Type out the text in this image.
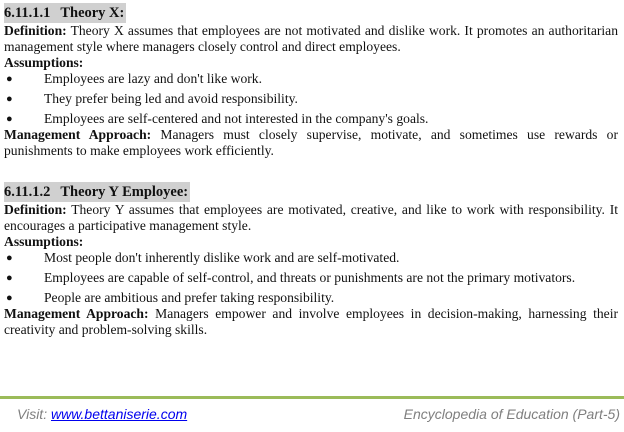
6.11.1.1 Theory X:

Definition: Theory X assumes that employees are not motivated and dislike work. It promotes an authoritarian management style where managers closely control and direct employees.

Assumptions:

● Employees are lazy and don't like work.
● They prefer being led and avoid responsibility.
● Employees are self-centered and not interested in the company's goals.

Management Approach: Managers must closely supervise, motivate, and sometimes use rewards or punishments to make employees work efficiently.

6.11.1.2 Theory Y Employee:

Definition: Theory Y assumes that employees are motivated, creative, and like to work with responsibility. It encourages a participative management style.

Assumptions:

● Most people don't inherently dislike work and are self-motivated.
● Employees are capable of self-control, and threats or punishments are not the primary motivators.
● People are ambitious and prefer taking responsibility.

Management Approach: Managers empower and involve employees in decision-making, harnessing their creativity and problem-solving skills.

Visit: www.bettaniserie.com	Encyclopedia of Education (Part-5)
